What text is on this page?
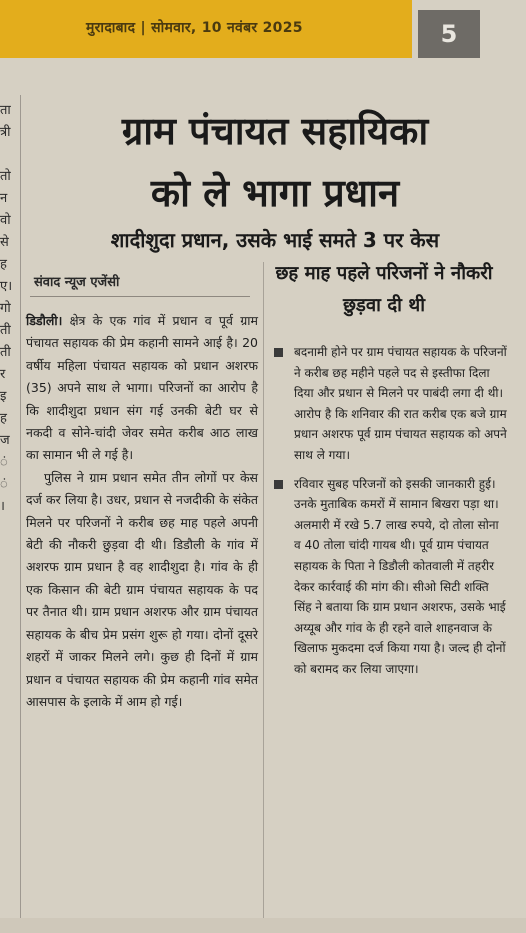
मुरादाबाद | सोमवार, 10 नवंबर 2025	5
ता
त्री

तो
न
वो
से
ह
ए।
गो
ती
ती
र
इ
ह
ज
ं
ं
।
ग्राम पंचायत सहायिका
को ले भागा प्रधान
शादीशुदा प्रधान, उसके भाई समते 3 पर केस
संवाद न्यूज एजेंसी

डिडौली। क्षेत्र के एक गांव में प्रधान व पूर्व ग्राम पंचायत सहायक की प्रेम कहानी सामने आई है। 20 वर्षीय महिला पंचायत सहायक को प्रधान अशरफ (35) अपने साथ ले भागा। परिजनों का आरोप है कि शादीशुदा प्रधान संग गई उनकी बेटी घर से नकदी व सोने-चांदी जेवर समेत करीब आठ लाख का सामान भी ले गई है।

पुलिस ने ग्राम प्रधान समेत तीन लोगों पर केस दर्ज कर लिया है। उधर, प्रधान से नजदीकी के संकेत मिलने पर परिजनों ने करीब छह माह पहले अपनी बेटी की नौकरी छुड़वा दी थी। डिडौली के गांव में अशरफ ग्राम प्रधान है वह शादीशुदा है। गांव के ही एक किसान की बेटी ग्राम पंचायत सहायक के पद पर तैनात थी। ग्राम प्रधान अशरफ और ग्राम पंचायत सहायक के बीच प्रेम प्रसंग शुरू हो गया। दोनों दूसरे शहरों में जाकर मिलने लगे। कुछ ही दिनों में ग्राम प्रधान व पंचायत सहायक की प्रेम कहानी गांव समेत आसपास के इलाके में आम हो गई।

छह माह पहले परिजनों ने नौकरी छुड़वा दी थी
बदनामी होने पर ग्राम पंचायत सहायक के परिजनों ने करीब छह महीने पहले पद से इस्तीफा दिला दिया और प्रधान से मिलने पर पाबंदी लगा दी थी। आरोप है कि शनिवार की रात करीब एक बजे ग्राम प्रधान अशरफ पूर्व ग्राम पंचायत सहायक को अपने साथ ले गया।
रविवार सुबह परिजनों को इसकी जानकारी हुई। उनके मुताबिक कमरों में सामान बिखरा पड़ा था। अलमारी में रखे 5.7 लाख रुपये, दो तोला सोना व 40 तोला चांदी गायब थी। पूर्व ग्राम पंचायत सहायक के पिता ने डिडौली कोतवाली में तहरीर देकर कार्रवाई की मांग की। सीओ सिटी शक्ति सिंह ने बताया कि ग्राम प्रधान अशरफ, उसके भाई अय्यूब और गांव के ही रहने वाले शाहनवाज के खिलाफ मुकदमा दर्ज किया गया है। जल्द ही दोनों को बरामद कर लिया जाएगा।
